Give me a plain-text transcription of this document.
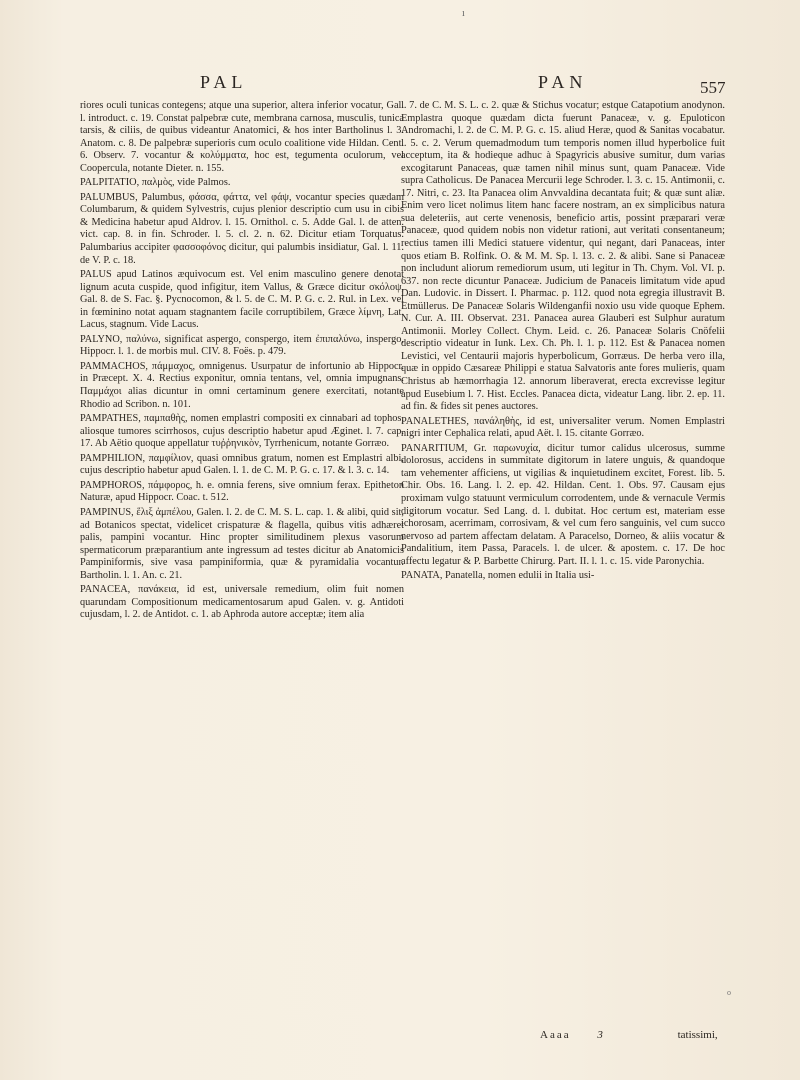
ı
PAL	PAN	557

riores oculi tunicas contegens; atque una superior, altera inferior vocatur, Gal. l. introduct. c. 19. Constat palpebræ cute, membrana carnosa, musculis, tunica tarsis, & ciliis, de quibus videantur Anatomici, & hos inter Bartholinus l. 3. Anatom. c. 8. De palpebræ superioris cum oculo coalitione vide Hildan. Cent. 6. Observ. 7. vocantur & κολύμματα, hoc est, tegumenta oculorum, vel Coopercula, notante Dieter. n. 155.

PALPITATIO, παλμὸς, vide Palmos.

PALUMBUS, Palumbus, φάσσα, φάττα, vel φάψ, vocantur species quædam Columbarum, & quidem Sylvestris, cujus plenior descriptio cum usu in cibis & Medicina habetur apud Aldrov. l. 15. Ornithol. c. 5. Adde Gal. l. de atten. vict. cap. 8. in fin. Schroder. l. 5. cl. 2. n. 62. Dicitur etiam Torquatus. Palumbarius accipiter φασσοφόνος dicitur, qui palumbis insidiatur, Gal. l. 11. de V. P. c. 18.

PALUS apud Latinos æquivocum est. Vel enim masculino genere denotat lignum acuta cuspide, quod infigitur, item Vallus, & Græce dicitur σκόλοψ, Gal. 8. de S. Fac. §. Pycnocomon, & l. 5. de C. M. P. G. c. 2. Rul. in Lex. vel in fœminino notat aquam stagnantem facile corruptibilem, Græce λίμνη, Lat. Lacus, stagnum. Vide Lacus.

PALYNO, παλύνω, significat aspergo, conspergo, item ἐπιπαλύνω, inspergo, Hippocr. l. 1. de morbis mul. CIV. 8. Foës. p. 479.

PAMMACHOS, πάμμαχος, omnigenus. Usurpatur de infortunio ab Hippocr. in Præcept. X. 4. Rectius exponitur, omnia tentans, vel, omnia impugnans. Παμμάχοι alias dicuntur in omni certaminum genere exercitati, notante Rhodio ad Scribon. n. 101.

PAMPATHES, παμπαθὴς, nomen emplastri compositi ex cinnabari ad tophos, aliosque tumores scirrhosos, cujus descriptio habetur apud Æginet. l. 7. cap. 17. Ab Aëtio quoque appellatur τυῤῥηνικὸν, Tyrrhenicum, notante Gorræo.

PAMPHILION, παμφίλιον, quasi omnibus gratum, nomen est Emplastri albi, cujus descriptio habetur apud Galen. l. 1. de C. M. P. G. c. 17. & l. 3. c. 14.

PAMPHOROS, πάμφορος, h. e. omnia ferens, sive omnium ferax. Epitheton Naturæ, apud Hippocr. Coac. t. 512.

PAMPINUS, ἕλιξ ἀμπέλου, Galen. l. 2. de C. M. S. L. cap. 1. & alibi, quid sit, ad Botanicos spectat, videlicet crispaturæ & flagella, quibus vitis adhæret palis, pampini vocantur. Hinc propter similitudinem plexus vasorum spermaticorum præparantium ante ingressum ad testes dicitur ab Anatomicis Pampiniformis, sive vasa pampiniformia, quæ & pyramidalia vocantur. Bartholin. l. 1. An. c. 21.

PANACEA, πανάκεια, id est, universale remedium, olim fuit nomen quarundam Compositionum medicamentosarum apud Galen. v. g. Antidoti cujusdam, l. 2. de Antidot. c. 1. ab Aphroda autore acceptæ; item alia

l. 7. de C. M. S. L. c. 2. quæ & Stichus vocatur; estque Catapotium anodynon. Emplastra quoque quædam dicta fuerunt Panaceæ, v. g. Epuloticon Andromachi, l. 2. de C. M. P. G. c. 15. aliud Heræ, quod & Sanitas vocabatur. l. 5. c. 2. Verum quemadmodum tum temporis nomen illud hyperbolice fuit acceptum, ita & hodieque adhuc à Spagyricis abusive sumitur, dum varias excogitarunt Panaceas, quæ tamen nihil minus sunt, quam Panaceæ. Vide supra Catholicus. De Panacea Mercurii lege Schroder. l. 3. c. 15. Antimonii, c. 17. Nitri, c. 23. Ita Panacea olim Anvvaldina decantata fuit; & quæ sunt aliæ. Enim vero licet nolimus litem hanc facere nostram, an ex simplicibus natura sua deleteriis, aut certe venenosis, beneficio artis, possint præparari veræ Panaceæ, quod quidem nobis non videtur rationi, aut veritati consentaneum; rectius tamen illi Medici statuere videntur, qui negant, dari Panaceas, inter quos etiam B. Rolfink. O. & M. M. Sp. l. 13. c. 2. & alibi. Sane si Panaceæ non includunt aliorum remediorum usum, uti legitur in Th. Chym. Vol. VI. p. 637. non recte dicuntur Panaceæ. Judicium de Panaceis limitatum vide apud Dan. Ludovic. in Dissert. I. Pharmac. p. 112. quod nota egregia illustravit B. Etmüllerus. De Panaceæ Solaris Wildenganfii noxio usu vide quoque Ephem. N. Cur. A. III. Observat. 231. Panacea aurea Glauberi est Sulphur auratum Antimonii. Morley Collect. Chym. Leid. c. 26. Panaceæ Solaris Cnöfelii descriptio videatur in Iunk. Lex. Ch. Ph. l. 1. p. 112. Est & Panacea nomen Levistici, vel Centaurii majoris hyperbolicum, Gorræus. De herba vero illa, quæ in oppido Cæsareæ Philippi e statua Salvatoris ante fores mulieris, quam Christus ab hæmorrhagia 12. annorum liberaverat, erecta excrevisse legitur apud Eusebium l. 7. Hist. Eccles. Panacea dicta, videatur Lang. libr. 2. ep. 11. ad fin. & fides sit penes auctores.

PANALETHES, πανάληθὴς, id est, universaliter verum. Nomen Emplastri nigri inter Cephalica relati, apud Aët. l. 15. citante Gorræo.

PANARITIUM, Gr. παρωνυχία, dicitur tumor calidus ulcerosus, summe dolorosus, accidens in summitate digitorum in latere unguis, & quandoque tam vehementer afficiens, ut vigilias & inquietudinem excitet, Forest. lib. 5. Chir. Obs. 16. Lang. l. 2. ep. 42. Hildan. Cent. 1. Obs. 97. Causam ejus proximam vulgo statuunt vermiculum corrodentem, unde & vernacule Vermis digitorum vocatur. Sed Lang. d. l. dubitat. Hoc certum est, materiam esse ichorosam, acerrimam, corrosivam, & vel cum fero sanguinis, vel cum succo nervoso ad partem affectam delatam. A Paracelso, Dorneo, & aliis vocatur & Pandalitium, item Passa, Paracels. l. de ulcer. & apostem. c. 17. De hoc affectu legatur & P. Barbette Chirurg. Part. II. l. 1. c. 15. vide Paronychia.

PANATA, Panatella, nomen edulii in Italia usi-

Aaaa 3	tatissimi,
o
